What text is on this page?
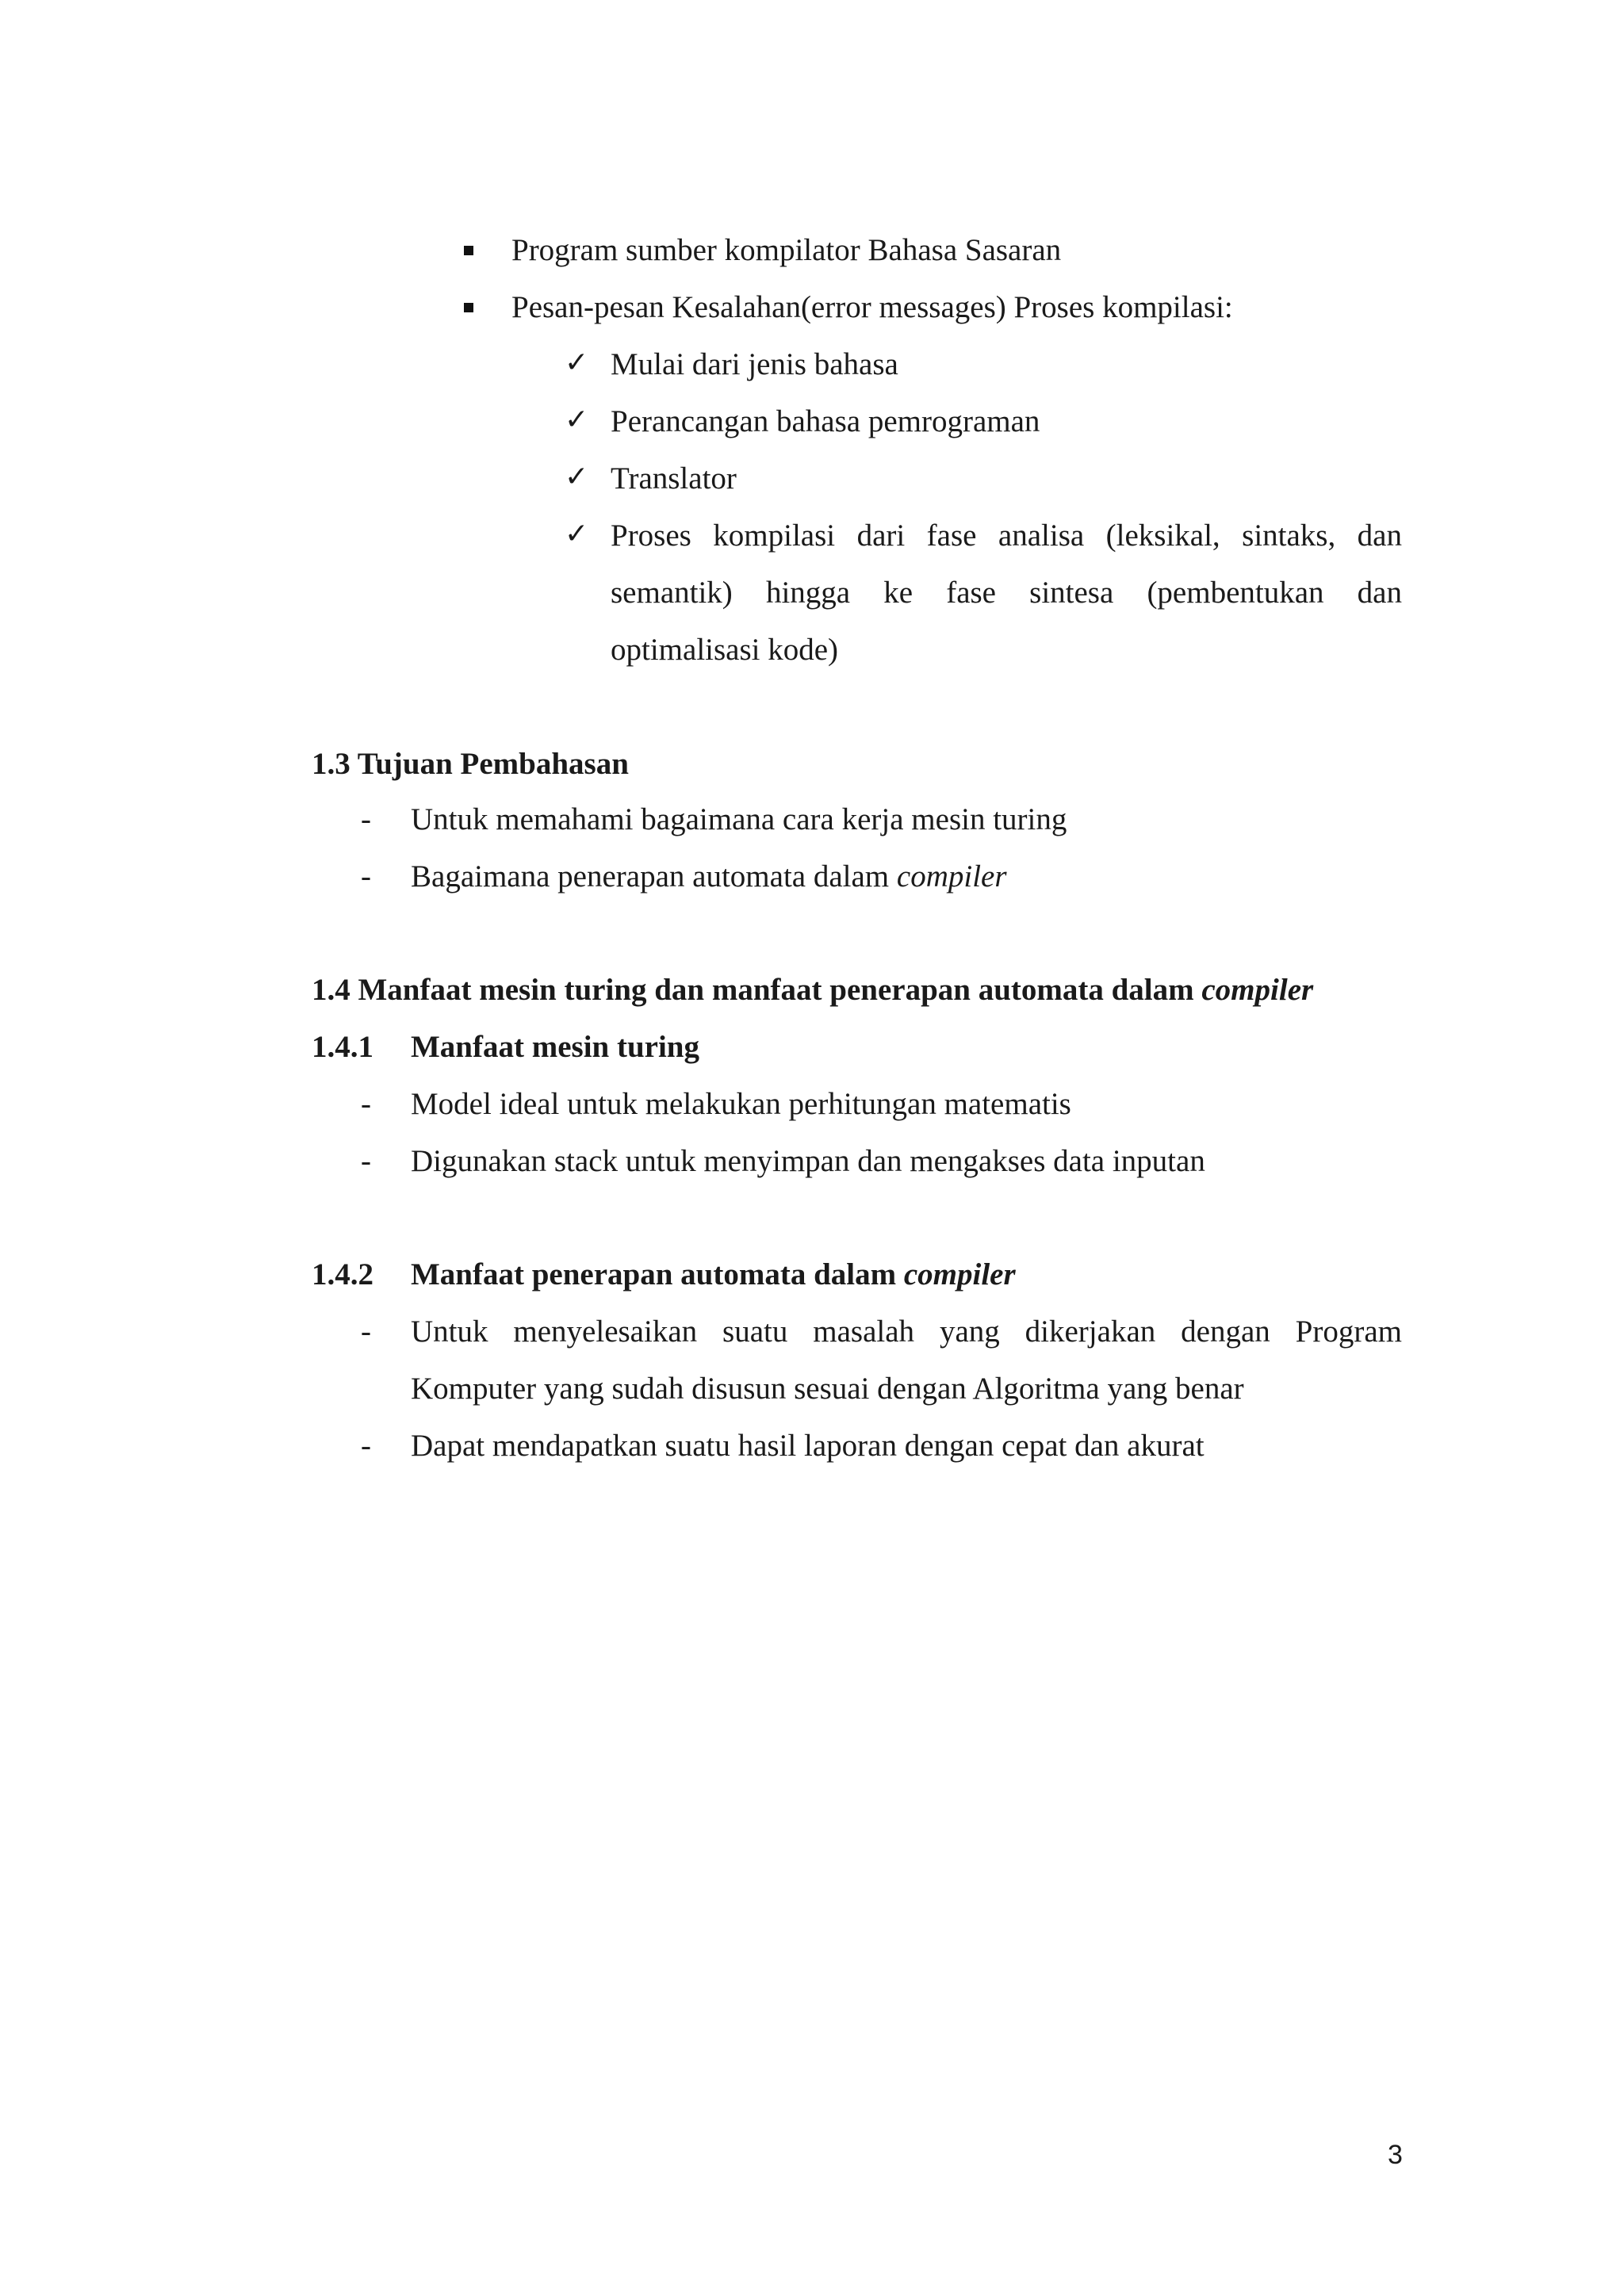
Program sumber kompilator Bahasa Sasaran
Pesan-pesan Kesalahan(error messages) Proses kompilasi:
✓ Mulai dari jenis bahasa
✓ Perancangan bahasa pemrograman
✓ Translator
✓ Proses kompilasi dari fase analisa (leksikal, sintaks, dan
semantik) hingga ke fase sintesa (pembentukan dan
optimalisasi kode)
1.3 Tujuan Pembahasan
- Untuk memahami bagaimana cara kerja mesin turing
- Bagaimana penerapan automata dalam compiler
1.4 Manfaat mesin turing dan manfaat penerapan automata dalam compiler
1.4.1 Manfaat mesin turing
- Model ideal untuk melakukan perhitungan matematis
- Digunakan stack untuk menyimpan dan mengakses data inputan
1.4.2 Manfaat penerapan automata dalam compiler
- Untuk menyelesaikan suatu masalah yang dikerjakan dengan Program
Komputer yang sudah disusun sesuai dengan Algoritma yang benar
- Dapat mendapatkan suatu hasil laporan dengan cepat dan akurat
3
